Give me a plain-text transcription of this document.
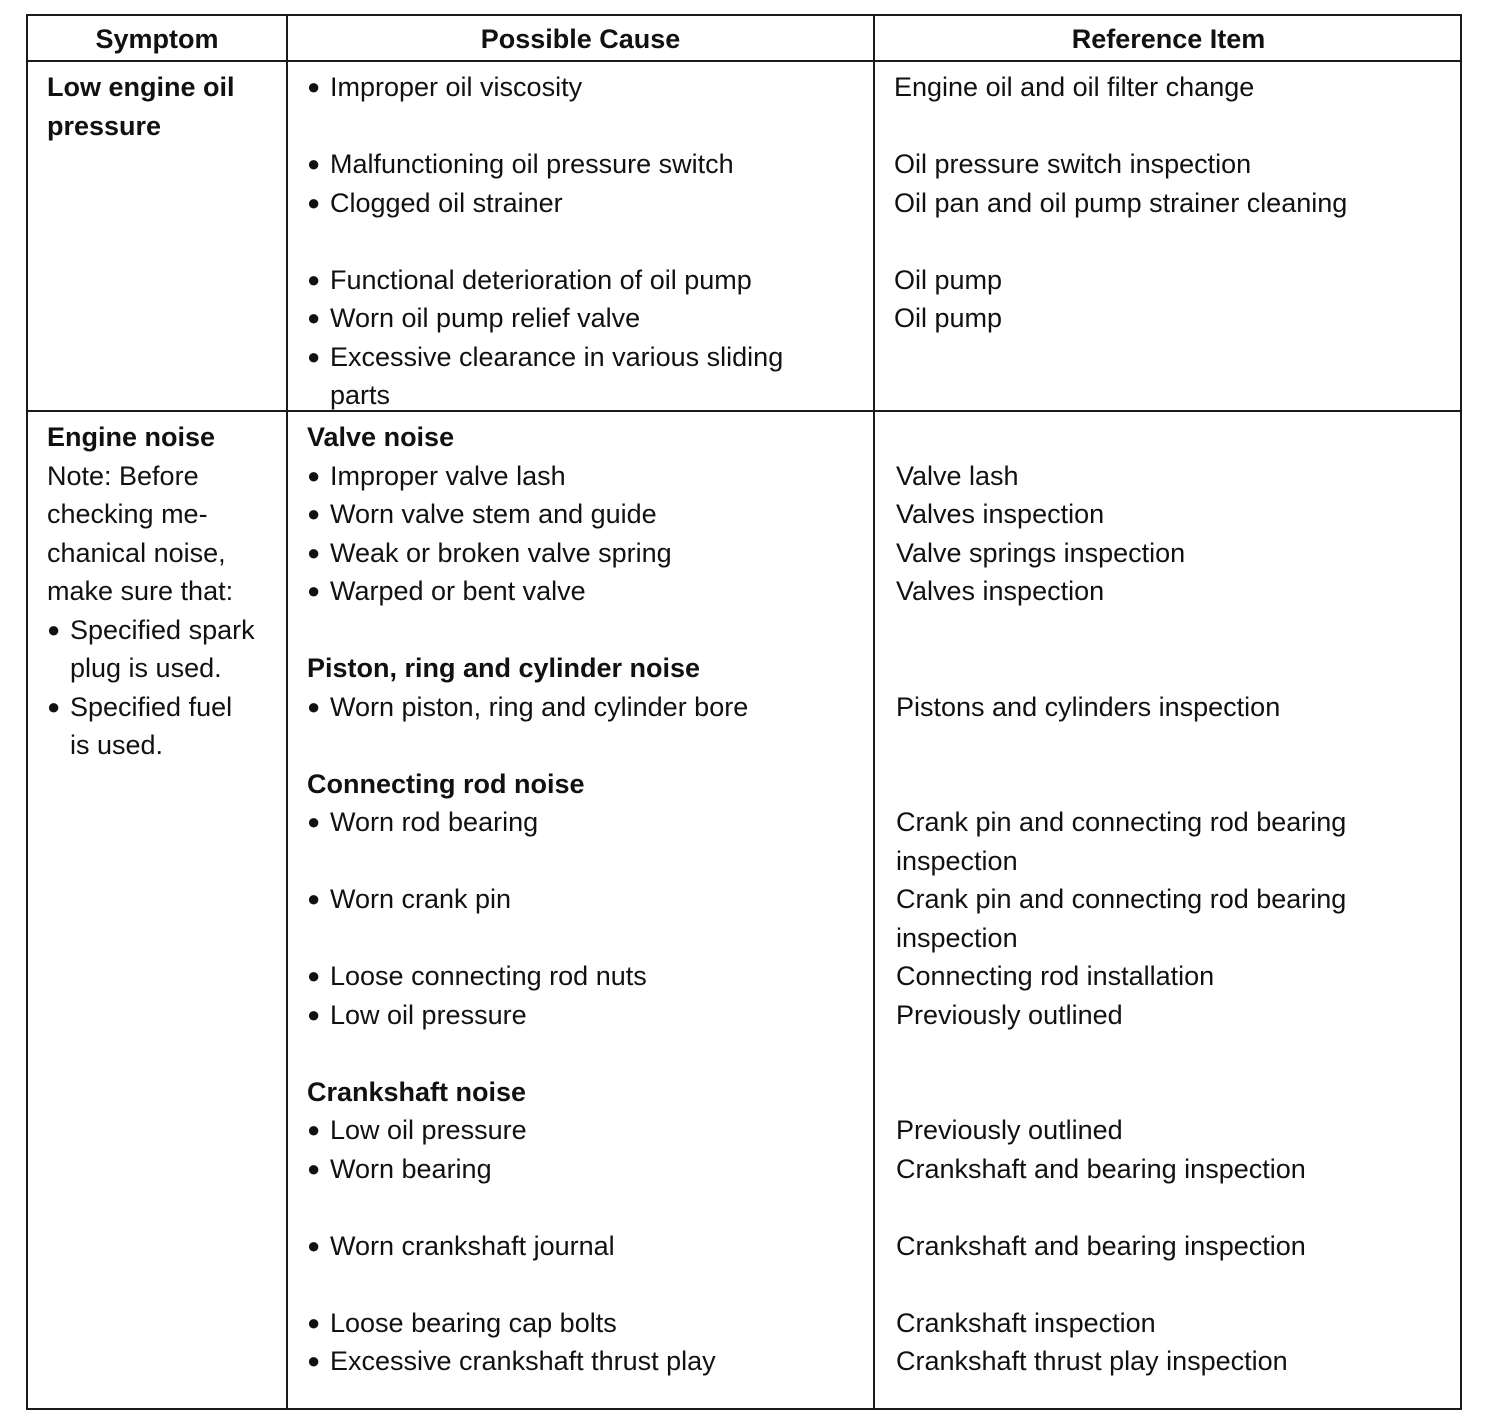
Symptom	Possible Cause	Reference Item
Low engine oil
pressure
● Improper oil viscosity
● Malfunctioning oil pressure switch
● Clogged oil strainer
● Functional deterioration of oil pump
● Worn oil pump relief valve
● Excessive clearance in various sliding
parts
Engine oil and oil filter change
Oil pressure switch inspection
Oil pan and oil pump strainer cleaning
Oil pump
Oil pump
Engine noise
Note: Before
checking me-
chanical noise,
make sure that:
● Specified spark
plug is used.
● Specified fuel
is used.
Valve noise
● Improper valve lash
● Worn valve stem and guide
● Weak or broken valve spring
● Warped or bent valve
Piston, ring and cylinder noise
● Worn piston, ring and cylinder bore
Connecting rod noise
● Worn rod bearing
● Worn crank pin
● Loose connecting rod nuts
● Low oil pressure
Crankshaft noise
● Low oil pressure
● Worn bearing
● Worn crankshaft journal
● Loose bearing cap bolts
● Excessive crankshaft thrust play
Valve lash
Valves inspection
Valve springs inspection
Valves inspection
Pistons and cylinders inspection
Crank pin and connecting rod bearing
inspection
Crank pin and connecting rod bearing
inspection
Connecting rod installation
Previously outlined
Previously outlined
Crankshaft and bearing inspection
Crankshaft and bearing inspection
Crankshaft inspection
Crankshaft thrust play inspection
